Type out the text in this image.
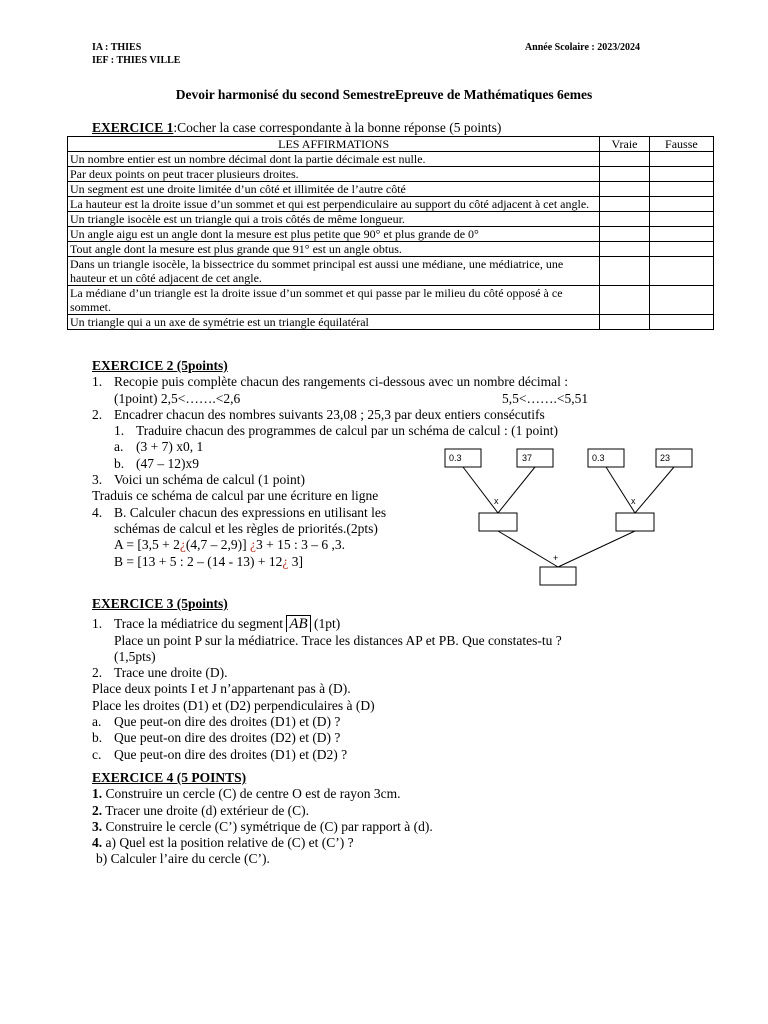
IA : THIES
IEF : THIES VILLE
Année Scolaire : 2023/2024
Devoir harmonisé du second SemestreEpreuve de Mathématiques 6emes
EXERCICE 1:Cocher la case correspondante à la bonne réponse (5 points)
LES AFFIRMATIONS	Vraie	Fausse
Un nombre entier est un nombre décimal dont la partie décimale est nulle.		
Par deux points on peut tracer plusieurs droites.		
Un segment est une droite limitée d’un côté et illimitée de l’autre côté		
La hauteur est la droite issue d’un sommet et qui est perpendiculaire au support du côté adjacent à cet angle.		
Un triangle isocèle est un triangle qui a trois côtés de même longueur.		
Un angle aigu est un angle dont la mesure est plus petite que 90° et plus grande de 0°		
Tout angle dont la mesure est plus grande que 91° est un angle obtus.		
Dans un triangle isocèle, la bissectrice du sommet principal est aussi une médiane, une médiatrice, une hauteur et un côté adjacent de cet angle.		
La médiane d’un triangle est la droite issue d’un sommet et qui passe par le milieu du côté opposé à ce sommet.		
Un triangle qui a un axe de symétrie est un triangle équilatéral		
EXERCICE 2 (5points)
1. Recopie puis complète chacun des rangements ci-dessous avec un nombre décimal :
(1point) 2,5<…….<2,6	5,5<…….<5,51
2. Encadrer chacun des nombres suivants 23,08 ; 25,3 par deux entiers consécutifs
1. Traduire chacun des programmes de calcul par un schéma de calcul : (1 point)
a. (3 + 7) x0, 1
b. (47 – 12)x9
3. Voici un schéma de calcul (1 point)
Traduis ce schéma de calcul par une écriture en ligne
4. B. Calculer chacun des expressions en utilisant les
schémas de calcul et les règles de priorités.(2pts)
A = [3,5 + 2¿(4,7 – 2,9)] ¿3 + 15 : 3 – 6 ,3.
B = [13 + 5 : 2 – (14 - 13) + 12¿ 3]
0.3	37	0.3	23
x	x
+
EXERCICE 3 (5points)
1. Trace la médiatrice du segment AB (1pt)
Place un point P sur la médiatrice. Trace les distances AP et PB. Que constates-tu ?
(1,5pts)
2. Trace une droite (D).
Place deux points I et J n’appartenant pas à (D).
Place les droites (D1) et (D2) perpendiculaires à (D)
a. Que peut-on dire des droites (D1) et (D) ?
b. Que peut-on dire des droites (D2) et (D) ?
c. Que peut-on dire des droites (D1) et (D2) ?
EXERCICE 4 (5 POINTS)
1. Construire un cercle (C) de centre O est de rayon 3cm.
2. Tracer une droite (d) extérieur de (C).
3. Construire le cercle (C’) symétrique de (C) par rapport à (d).
4. a) Quel est la position relative de (C) et (C’) ?
b) Calculer l’aire du cercle (C’).
